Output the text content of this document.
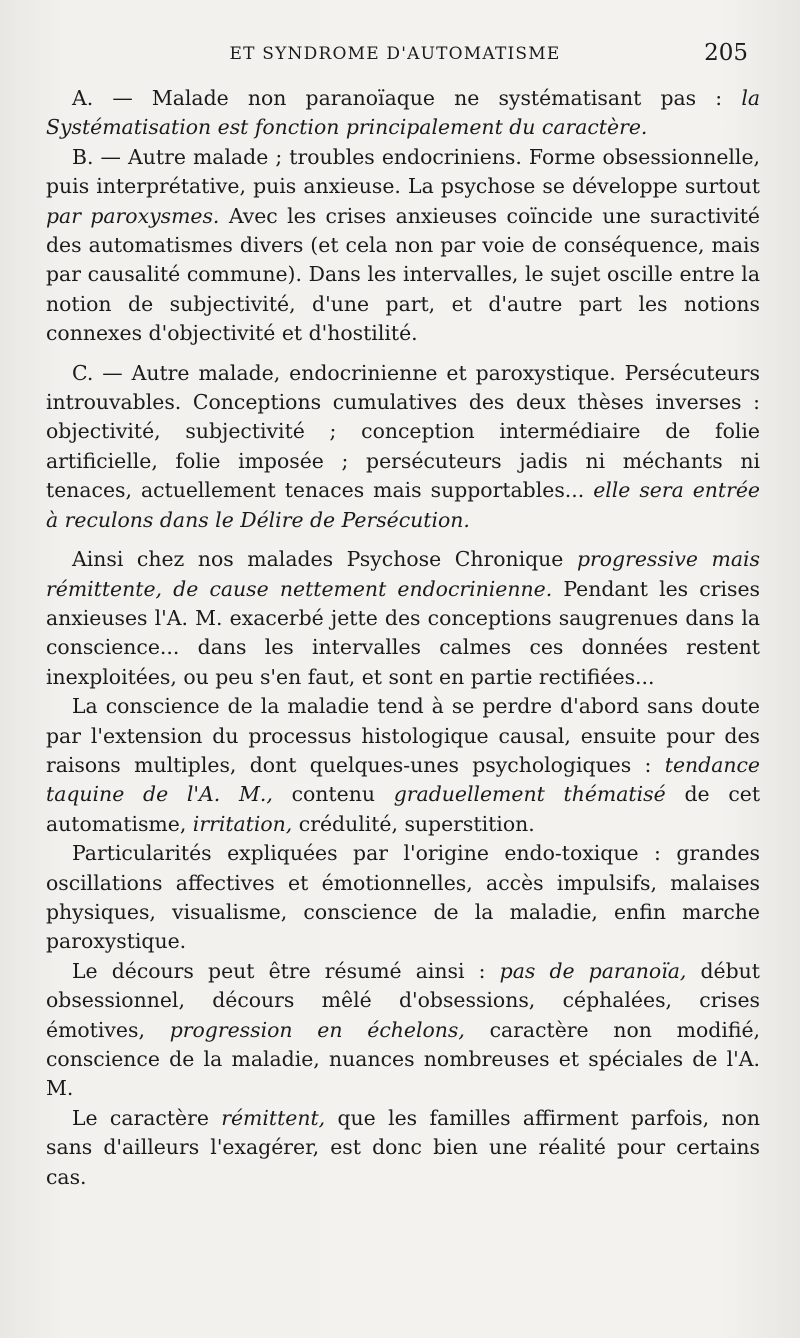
ET SYNDROME D'AUTOMATISME	205

A. — Malade non paranoïaque ne systématisant pas : la Systématisation est fonction principalement du caractère.

B. — Autre malade ; troubles endocriniens. Forme obsessionnelle, puis interprétative, puis anxieuse. La psychose se développe surtout par paroxysmes. Avec les crises anxieuses coïncide une suractivité des automatismes divers (et cela non par voie de conséquence, mais par causalité commune). Dans les intervalles, le sujet oscille entre la notion de subjectivité, d'une part, et d'autre part les notions connexes d'objectivité et d'hostilité.

C. — Autre malade, endocrinienne et paroxystique. Persécuteurs introuvables. Conceptions cumulatives des deux thèses inverses : objectivité, subjectivité ; conception intermédiaire de folie artificielle, folie imposée ; persécuteurs jadis ni méchants ni tenaces, actuellement tenaces mais supportables... elle sera entrée à reculons dans le Délire de Persécution.

Ainsi chez nos malades Psychose Chronique progressive mais rémittente, de cause nettement endocrinienne. Pendant les crises anxieuses l'A. M. exacerbé jette des conceptions saugrenues dans la conscience... dans les intervalles calmes ces données restent inexploitées, ou peu s'en faut, et sont en partie rectifiées...

La conscience de la maladie tend à se perdre d'abord sans doute par l'extension du processus histologique causal, ensuite pour des raisons multiples, dont quelques-unes psychologiques : tendance taquine de l'A. M., contenu graduellement thématisé de cet automatisme, irritation, crédulité, superstition.

Particularités expliquées par l'origine endo-toxique : grandes oscillations affectives et émotionnelles, accès impulsifs, malaises physiques, visualisme, conscience de la maladie, enfin marche paroxystique.

Le décours peut être résumé ainsi : pas de paranoïa, début obsessionnel, décours mêlé d'obsessions, céphalées, crises émotives, progression en échelons, caractère non modifié, conscience de la maladie, nuances nombreuses et spéciales de l'A. M.

Le caractère rémittent, que les familles affirment parfois, non sans d'ailleurs l'exagérer, est donc bien une réalité pour certains cas.
